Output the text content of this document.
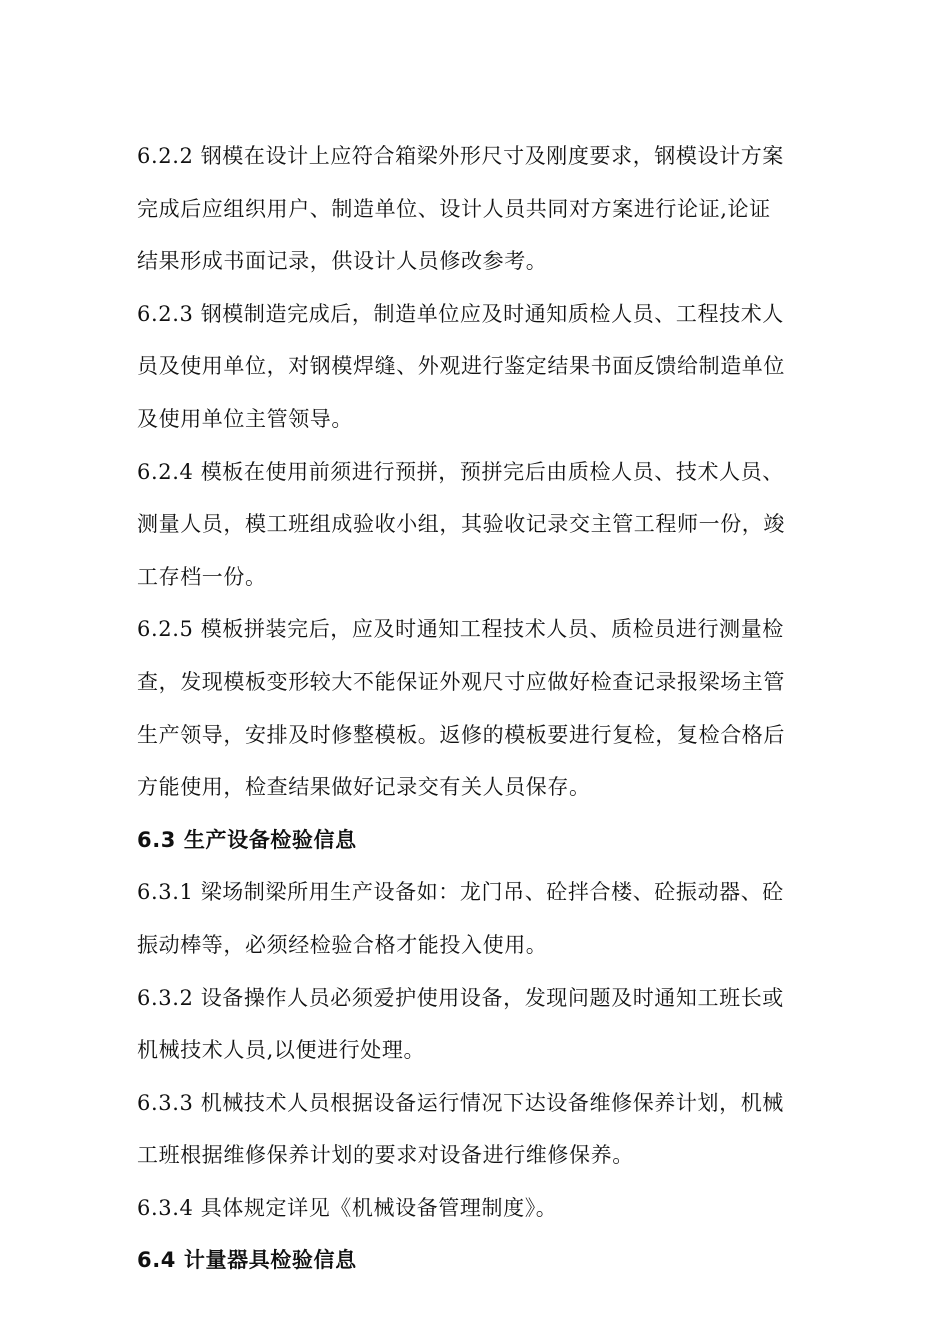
6.2.2 钢模在设计上应符合箱梁外形尺寸及刚度要求，钢模设计方案
完成后应组织用户、制造单位、设计人员共同对方案进行论证,论证
结果形成书面记录，供设计人员修改参考。

6.2.3 钢模制造完成后，制造单位应及时通知质检人员、工程技术人
员及使用单位，对钢模焊缝、外观进行鉴定结果书面反馈给制造单位
及使用单位主管领导。

6.2.4 模板在使用前须进行预拼，预拼完后由质检人员、技术人员、
测量人员，模工班组成验收小组，其验收记录交主管工程师一份，竣
工存档一份。

6.2.5 模板拼装完后，应及时通知工程技术人员、质检员进行测量检
查，发现模板变形较大不能保证外观尺寸应做好检查记录报梁场主管
生产领导，安排及时修整模板。返修的模板要进行复检，复检合格后
方能使用，检查结果做好记录交有关人员保存。

6.3 生产设备检验信息

6.3.1 梁场制梁所用生产设备如：龙门吊、砼拌合楼、砼振动器、砼
振动棒等，必须经检验合格才能投入使用。

6.3.2 设备操作人员必须爱护使用设备，发现问题及时通知工班长或
机械技术人员,以便进行处理。

6.3.3 机械技术人员根据设备运行情况下达设备维修保养计划，机械
工班根据维修保养计划的要求对设备进行维修保养。

6.3.4 具体规定详见《机械设备管理制度》。

6.4 计量器具检验信息
